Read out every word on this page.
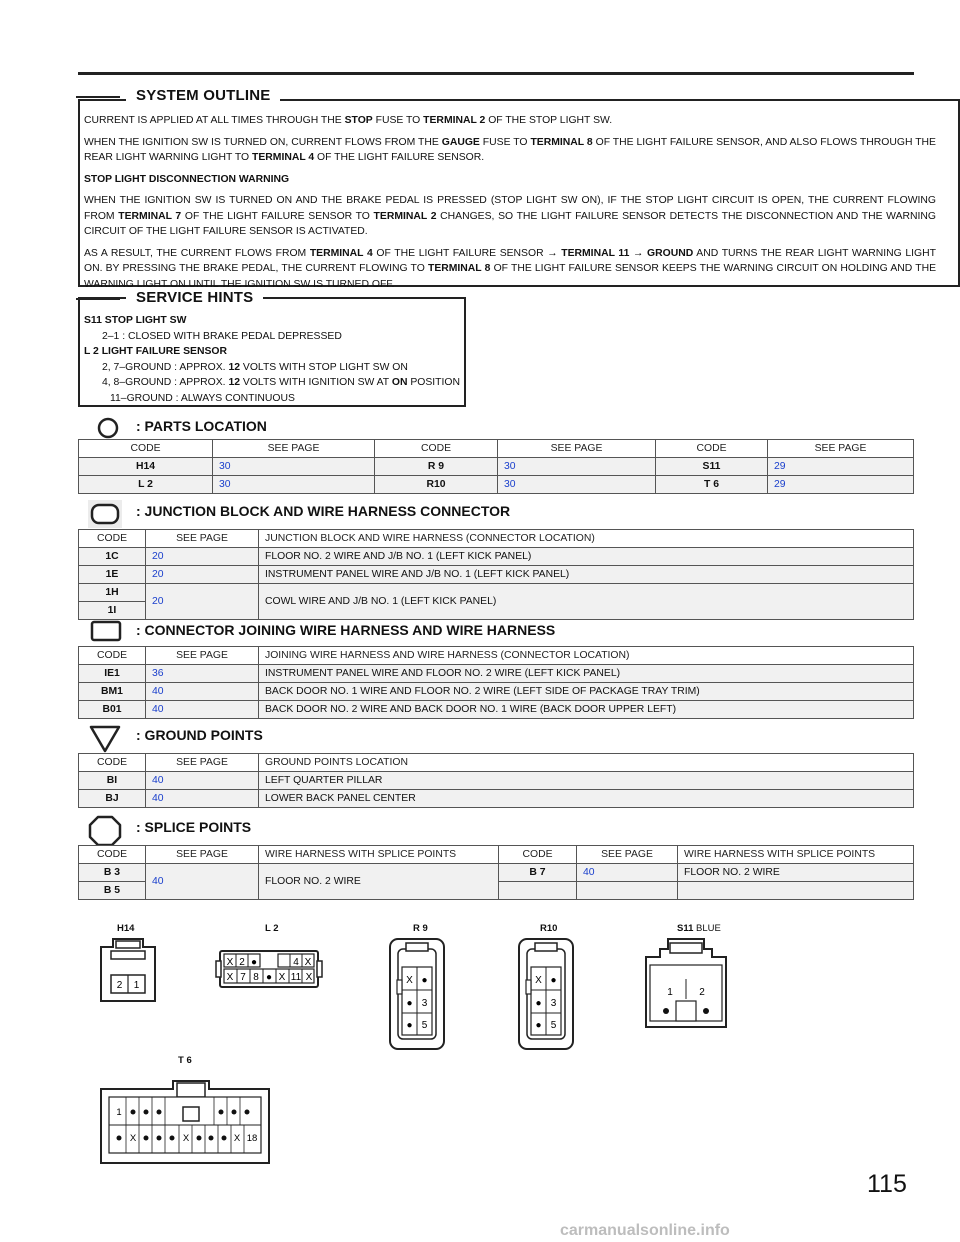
CURRENT IS APPLIED AT ALL TIMES THROUGH THE STOP FUSE TO TERMINAL 2 OF THE STOP LIGHT SW.

WHEN THE IGNITION SW IS TURNED ON, CURRENT FLOWS FROM THE GAUGE FUSE TO TERMINAL 8 OF THE LIGHT FAILURE SENSOR, AND ALSO FLOWS THROUGH THE REAR LIGHT WARNING LIGHT TO TERMINAL 4 OF THE LIGHT FAILURE SENSOR.

STOP LIGHT DISCONNECTION WARNING

WHEN THE IGNITION SW IS TURNED ON AND THE BRAKE PEDAL IS PRESSED (STOP LIGHT SW ON), IF THE STOP LIGHT CIRCUIT IS OPEN, THE CURRENT FLOWING FROM TERMINAL 7 OF THE LIGHT FAILURE SENSOR TO TERMINAL 2 CHANGES, SO THE LIGHT FAILURE SENSOR DETECTS THE DISCONNECTION AND THE WARNING CIRCUIT OF THE LIGHT FAILURE SENSOR IS ACTIVATED.

AS A RESULT, THE CURRENT FLOWS FROM TERMINAL 4 OF THE LIGHT FAILURE SENSOR → TERMINAL 11 → GROUND AND TURNS THE REAR LIGHT WARNING LIGHT ON. BY PRESSING THE BRAKE PEDAL, THE CURRENT FLOWING TO TERMINAL 8 OF THE LIGHT FAILURE SENSOR KEEPS THE WARNING CIRCUIT ON HOLDING AND THE WARNING LIGHT ON UNTIL THE IGNITION SW IS TURNED OFF.

SYSTEM OUTLINE
S11 STOP LIGHT SW
2–1 : CLOSED WITH BRAKE PEDAL DEPRESSED
L 2 LIGHT FAILURE SENSOR
2, 7–GROUND : APPROX. 12 VOLTS WITH STOP LIGHT SW ON
4, 8–GROUND : APPROX. 12 VOLTS WITH IGNITION SW AT ON POSITION
11–GROUND : ALWAYS CONTINUOUS
SERVICE HINTS
: PARTS LOCATION
CODE	SEE PAGE	CODE	SEE PAGE	CODE	SEE PAGE
H14	30	R 9	30	S11	29
L 2	30	R10	30	T 6	29
: JUNCTION BLOCK AND WIRE HARNESS CONNECTOR
CODE	SEE PAGE	JUNCTION BLOCK AND WIRE HARNESS (CONNECTOR LOCATION)
1C	20	FLOOR NO. 2 WIRE AND J/B NO. 1 (LEFT KICK PANEL)
1E	20	INSTRUMENT PANEL WIRE AND J/B NO. 1 (LEFT KICK PANEL)
1H	20	COWL WIRE AND J/B NO. 1 (LEFT KICK PANEL)
1I		
: CONNECTOR JOINING WIRE HARNESS AND WIRE HARNESS
CODE	SEE PAGE	JOINING WIRE HARNESS AND WIRE HARNESS (CONNECTOR LOCATION)
IE1	36	INSTRUMENT PANEL WIRE AND FLOOR NO. 2 WIRE (LEFT KICK PANEL)
BM1	40	BACK DOOR NO. 1 WIRE AND FLOOR NO. 2 WIRE (LEFT SIDE OF PACKAGE TRAY TRIM)
B01	40	BACK DOOR NO. 2 WIRE AND BACK DOOR NO. 1 WIRE (BACK DOOR UPPER LEFT)
: GROUND POINTS
CODE	SEE PAGE	GROUND POINTS LOCATION
BI	40	LEFT QUARTER PILLAR
BJ	40	LOWER BACK PANEL CENTER
: SPLICE POINTS
CODE	SEE PAGE	WIRE HARNESS WITH SPLICE POINTS	CODE	SEE PAGE	WIRE HARNESS WITH SPLICE POINTS
B 3	40	FLOOR NO. 2 WIRE	B 7	40	FLOOR NO. 2 WIRE
B 5					
H14	L 2	R 9	R10	S11 BLUE
T 6
2 1
X 2 ●	4 X
X 7 8 ● X 11 X	X ●
● 3
● 5
X ●
● 3
● 5
1	2
1
X	X	X 18
115
carmanualsonline.info
